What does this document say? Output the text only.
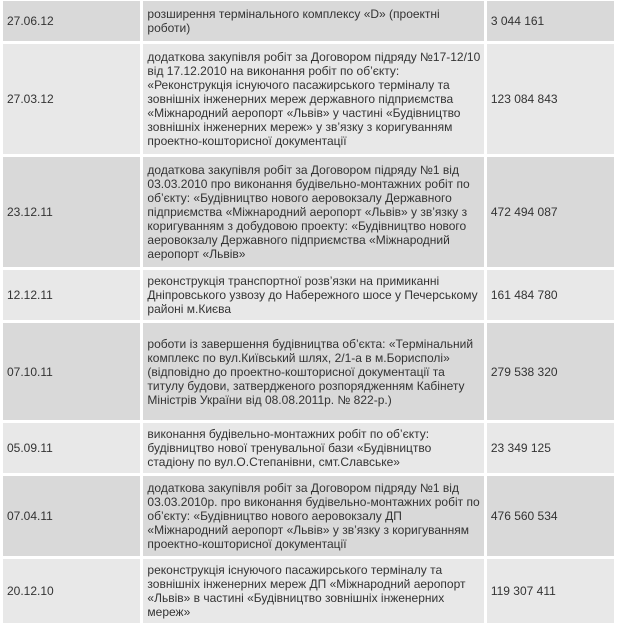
27.06.12	розширення термінального комплексу «D» (проектні роботи)	3 044 161
27.03.12	додаткова закупівля робіт за Договором підряду №17-12/10 від 17.12.2010 на виконання робіт по об’єкту: «Реконструкція існуючого пасажирського терміналу та зовнішніх інженерних мереж державного підприємства «Міжнародний аеропорт «Львів» у частині «Будівництво зовнішніх інженерних мереж» у зв’язку з коригуванням проектно-кошторисної документації	123 084 843
23.12.11	додаткова закупівля робіт за Договором підряду №1 від 03.03.2010 про виконання будівельно-монтажних робіт по об’єкту: «Будівництво нового аеровокзалу Державного підприємства «Міжнародний аеропорт «Львів» у зв’язку з коригуванням з добудовою проекту: «Будівництво нового аеровокзалу Державного підприємства «Міжнародний аеропорт «Львів»	472 494 087
12.12.11	реконструкція транспортної розв’язки на примиканні Дніпровського узвозу до Набережного шосе у Печерському районі м.Києва	161 484 780
07.10.11	роботи із завершення будівництва об’єкта: «Термінальний комплекс по вул.Київський шлях, 2/1-а в м.Борисполі» (відповідно до проектно-кошторисної документації та титулу будови, затвердженого розпорядженням Кабінету Міністрів України від 08.08.2011р. № 822-р.)	279 538 320
05.09.11	виконання будівельно-монтажних робіт по об’єкту: будівництво нової тренувальної бази «Будівництво стадіону по вул.О.Степанівни, смт.Славське»	23 349 125
07.04.11	додаткова закупівля робіт за Договором підряду №1 від 03.03.2010р. про виконання будівельно-монтажних робіт по об’єкту: «Будівництво нового аеровокзалу ДП «Міжнародний аеропорт «Львів» у зв’язку з коригуванням проектно-кошторисної документації	476 560 534
20.12.10	реконструкція існуючого пасажирського терміналу та зовнішніх інженерних мереж ДП «Міжнародний аеропорт «Львів» в частині «Будівництво зовнішніх інженерних мереж»	119 307 411
